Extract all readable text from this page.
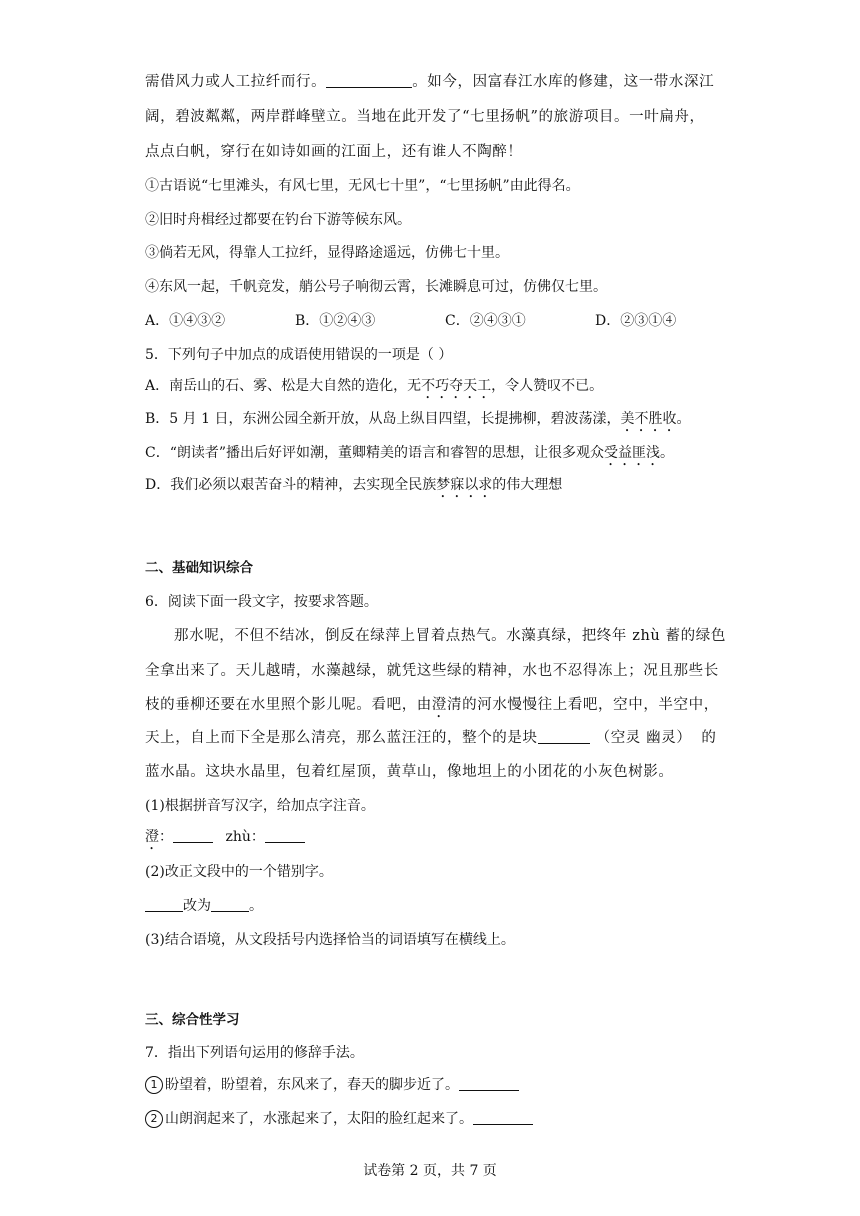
需借风力或人工拉纤而行。	。如今，因富春江水库的修建，这一带水深江
阔，碧波粼粼，两岸群峰壁立。当地在此开发了“七里扬帆”的旅游项目。一叶扁舟，
点点白帆，穿行在如诗如画的江面上，还有谁人不陶醉！
①古语说“七里滩头，有风七里，无风七十里”，“七里扬帆”由此得名。
②旧时舟楫经过都要在钓台下游等候东风。
③倘若无风，得靠人工拉纤，显得路途遥远，仿佛七十里。
④东风一起，千帆竞发，艄公号子响彻云霄，长滩瞬息可过，仿佛仅七里。
A．①④③②	B．①②④③	C．②④③①	D．②③①④
5．下列句子中加点的成语使用错误的一项是（ ）
A．南岳山的石、雾、松是大自然的造化，无不巧夺天工，令人赞叹不已。
B．5 月 1 日，东洲公园全新开放，从岛上纵目四望，长提拂柳，碧波荡漾，美不胜收。
C．“朗读者”播出后好评如潮，董卿精美的语言和睿智的思想，让很多观众受益匪浅。
D．我们必须以艰苦奋斗的精神，去实现全民族梦寐以求的伟大理想
二、基础知识综合
6．阅读下面一段文字，按要求答题。
那水呢，不但不结冰，倒反在绿萍上冒着点热气。水藻真绿，把终年 zhù 蓄的绿色
全拿出来了。天儿越晴，水藻越绿，就凭这些绿的精神，水也不忍得冻上；况且那些长
枝的垂柳还要在水里照个影儿呢。看吧，由澄清的河水慢慢往上看吧，空中，半空中，
天上，自上而下全是那么清亮，那么蓝汪汪的，整个的是块	（空灵 幽灵） 的
蓝水晶。这块水晶里，包着红屋顶，黄草山，像地坦上的小团花的小灰色树影。
(1)根据拼音写汉字，给加点字注音。
澄：	zhù：
(2)改正文段中的一个错别字。
改为	。
(3)结合语境，从文段括号内选择恰当的词语填写在横线上。
三、综合性学习
7．指出下列语句运用的修辞手法。
1 盼望着，盼望着，东风来了，春天的脚步近了。
2 山朗润起来了，水涨起来了，太阳的脸红起来了。
试卷第 2 页，共 7 页
